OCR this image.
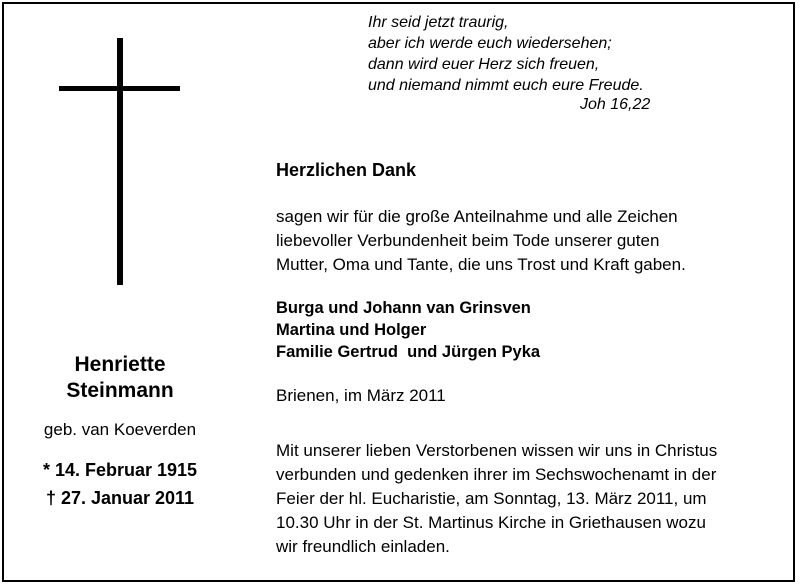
Ihr seid jetzt traurig,
aber ich werde euch wiedersehen;
dann wird euer Herz sich freuen,
und niemand nimmt euch eure Freude.
Joh 16,22
Henriette
Steinmann
geb. van Koeverden
* 14. Februar 1915
† 27. Januar 2011
Herzlichen Dank
sagen wir für die große Anteilnahme und alle Zeichen
liebevoller Verbundenheit beim Tode unserer guten
Mutter, Oma und Tante, die uns Trost und Kraft gaben.
Burga und Johann van Grinsven
Martina und Holger
Familie Gertrud  und Jürgen Pyka
Brienen, im März 2011
Mit unserer lieben Verstorbenen wissen wir uns in Christus
verbunden und gedenken ihrer im Sechswochenamt in der
Feier der hl. Eucharistie, am Sonntag, 13. März 2011, um
10.30 Uhr in der St. Martinus Kirche in Griethausen wozu
wir freundlich einladen.
